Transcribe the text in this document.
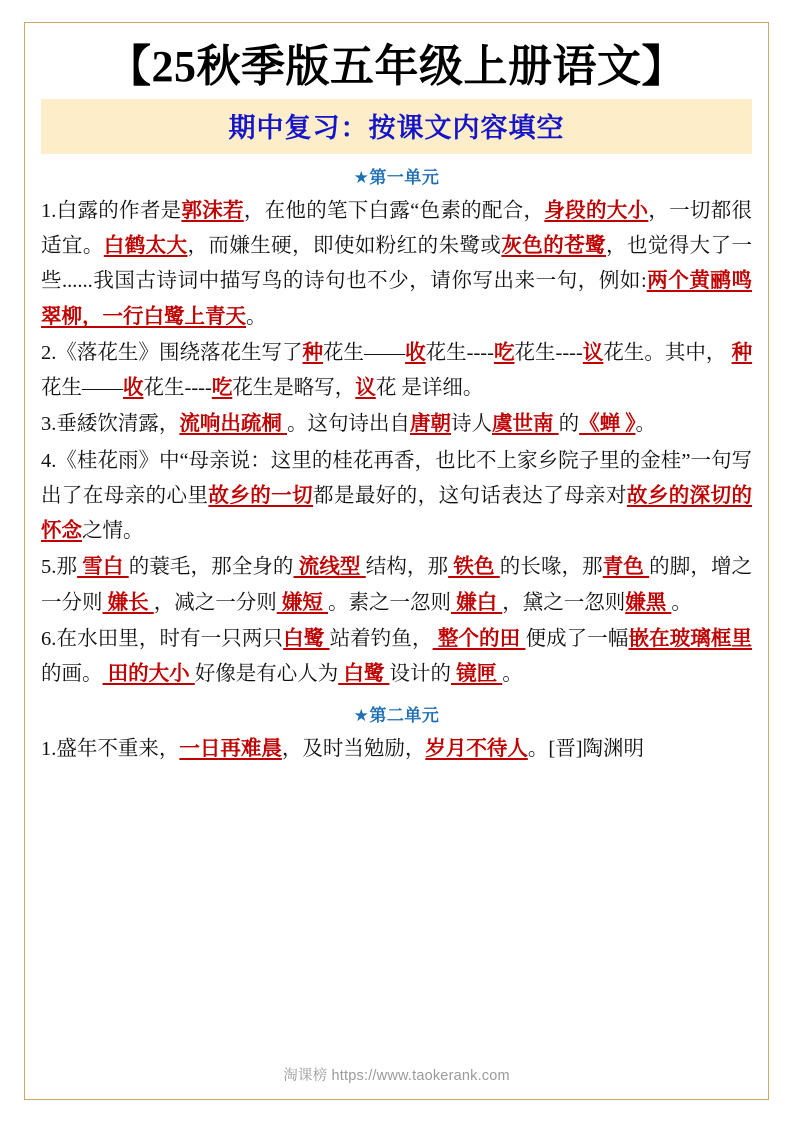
【25秋季版五年级上册语文】
期中复习：按课文内容填空
★第一单元

1.白露的作者是郭沫若，在他的笔下白露“色素的配合，身段的大小，一切都很适宜。白鹤太大，而嫌生硬，即使如粉红的朱鹭或灰色的苍鹭，也觉得大了一些......我国古诗词中描写鸟的诗句也不少，请你写出来一句，例如:两个黄鹂鸣翠柳，一行白鹭上青天。

2.《落花生》围绕落花生写了种花生——收花生----吃花生----议花生。其中， 种花生——收花生----吃花生是略写，议花 是详细。

3.垂緌饮清露，流响出疏桐 。这句诗出自唐朝诗人虞世南 的《蝉 》。

4.《桂花雨》中“母亲说：这里的桂花再香，也比不上家乡院子里的金桂”一句写出了在母亲的心里故乡的一切都是最好的，这句话表达了母亲对故乡的深切的怀念之情。

5.那 雪白 的蓑毛，那全身的 流线型 结构，那 铁色 的长喙，那青色 的脚，增之一分则 嫌长 ，减之一分则 嫌短 。素之一忽则 嫌白 ，黛之一忽则嫌黑 。

6.在水田里，时有一只两只白鹭 站着钓鱼， 整个的田 便成了一幅嵌在玻璃框里 的画。 田的大小 好像是有心人为 白鹭 设计的 镜匣 。

★第二单元

1.盛年不重来，一日再难晨，及时当勉励，岁月不待人。[晋]陶渊明

淘课榜 https://www.taokerank.com
